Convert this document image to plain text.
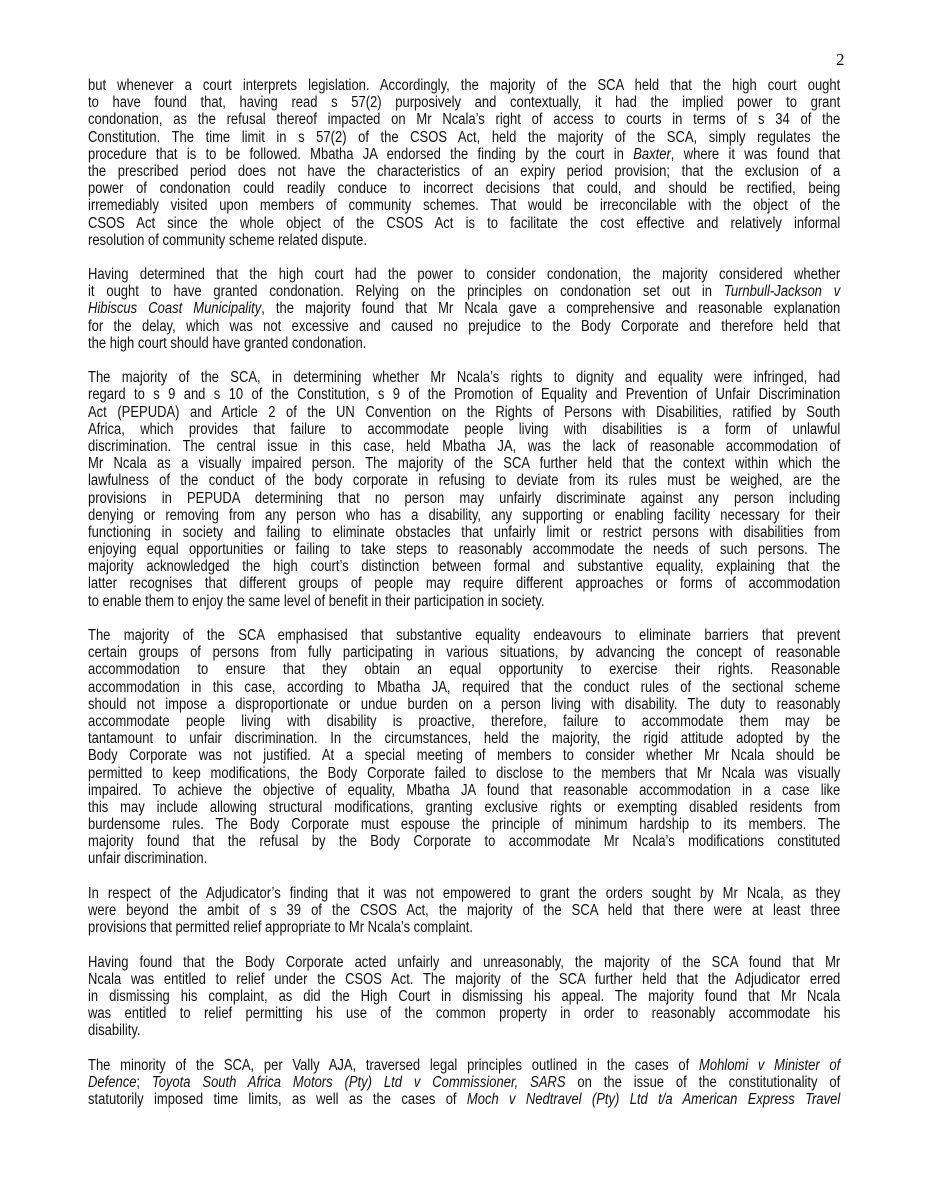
2
but whenever a court interprets legislation. Accordingly, the majority of the SCA held that the high court ought
to have found that, having read s 57(2) purposively and contextually, it had the implied power to grant
condonation, as the refusal thereof impacted on Mr Ncala’s right of access to courts in terms of s 34 of the
Constitution. The time limit in s 57(2) of the CSOS Act, held the majority of the SCA, simply regulates the
procedure that is to be followed. Mbatha JA endorsed the finding by the court in Baxter, where it was found that
the prescribed period does not have the characteristics of an expiry period provision; that the exclusion of a
power of condonation could readily conduce to incorrect decisions that could, and should be rectified, being
irremediably visited upon members of community schemes. That would be irreconcilable with the object of the
CSOS Act since the whole object of the CSOS Act is to facilitate the cost effective and relatively informal
resolution of community scheme related dispute.
Having determined that the high court had the power to consider condonation, the majority considered whether
it ought to have granted condonation. Relying on the principles on condonation set out in Turnbull-Jackson v
Hibiscus Coast Municipality, the majority found that Mr Ncala gave a comprehensive and reasonable explanation
for the delay, which was not excessive and caused no prejudice to the Body Corporate and therefore held that
the high court should have granted condonation.
The majority of the SCA, in determining whether Mr Ncala’s rights to dignity and equality were infringed, had
regard to s 9 and s 10 of the Constitution, s 9 of the Promotion of Equality and Prevention of Unfair Discrimination
Act (PEPUDA) and Article 2 of the UN Convention on the Rights of Persons with Disabilities, ratified by South
Africa, which provides that failure to accommodate people living with disabilities is a form of unlawful
discrimination. The central issue in this case, held Mbatha JA, was the lack of reasonable accommodation of
Mr Ncala as a visually impaired person. The majority of the SCA further held that the context within which the
lawfulness of the conduct of the body corporate in refusing to deviate from its rules must be weighed, are the
provisions in PEPUDA determining that no person may unfairly discriminate against any person including
denying or removing from any person who has a disability, any supporting or enabling facility necessary for their
functioning in society and failing to eliminate obstacles that unfairly limit or restrict persons with disabilities from
enjoying equal opportunities or failing to take steps to reasonably accommodate the needs of such persons. The
majority acknowledged the high court’s distinction between formal and substantive equality, explaining that the
latter recognises that different groups of people may require different approaches or forms of accommodation
to enable them to enjoy the same level of benefit in their participation in society.
The majority of the SCA emphasised that substantive equality endeavours to eliminate barriers that prevent
certain groups of persons from fully participating in various situations, by advancing the concept of reasonable
accommodation to ensure that they obtain an equal opportunity to exercise their rights. Reasonable
accommodation in this case, according to Mbatha JA, required that the conduct rules of the sectional scheme
should not impose a disproportionate or undue burden on a person living with disability. The duty to reasonably
accommodate people living with disability is proactive, therefore, failure to accommodate them may be
tantamount to unfair discrimination. In the circumstances, held the majority, the rigid attitude adopted by the
Body Corporate was not justified. At a special meeting of members to consider whether Mr Ncala should be
permitted to keep modifications, the Body Corporate failed to disclose to the members that Mr Ncala was visually
impaired. To achieve the objective of equality, Mbatha JA found that reasonable accommodation in a case like
this may include allowing structural modifications, granting exclusive rights or exempting disabled residents from
burdensome rules. The Body Corporate must espouse the principle of minimum hardship to its members. The
majority found that the refusal by the Body Corporate to accommodate Mr Ncala’s modifications constituted
unfair discrimination.
In respect of the Adjudicator’s finding that it was not empowered to grant the orders sought by Mr Ncala, as they
were beyond the ambit of s 39 of the CSOS Act, the majority of the SCA held that there were at least three
provisions that permitted relief appropriate to Mr Ncala’s complaint.
Having found that the Body Corporate acted unfairly and unreasonably, the majority of the SCA found that Mr
Ncala was entitled to relief under the CSOS Act. The majority of the SCA further held that the Adjudicator erred
in dismissing his complaint, as did the High Court in dismissing his appeal. The majority found that Mr Ncala
was entitled to relief permitting his use of the common property in order to reasonably accommodate his
disability.
The minority of the SCA, per Vally AJA, traversed legal principles outlined in the cases of Mohlomi v Minister of
Defence; Toyota South Africa Motors (Pty) Ltd v Commissioner, SARS on the issue of the constitutionality of
statutorily imposed time limits, as well as the cases of Moch v Nedtravel (Pty) Ltd t/a American Express Travel
